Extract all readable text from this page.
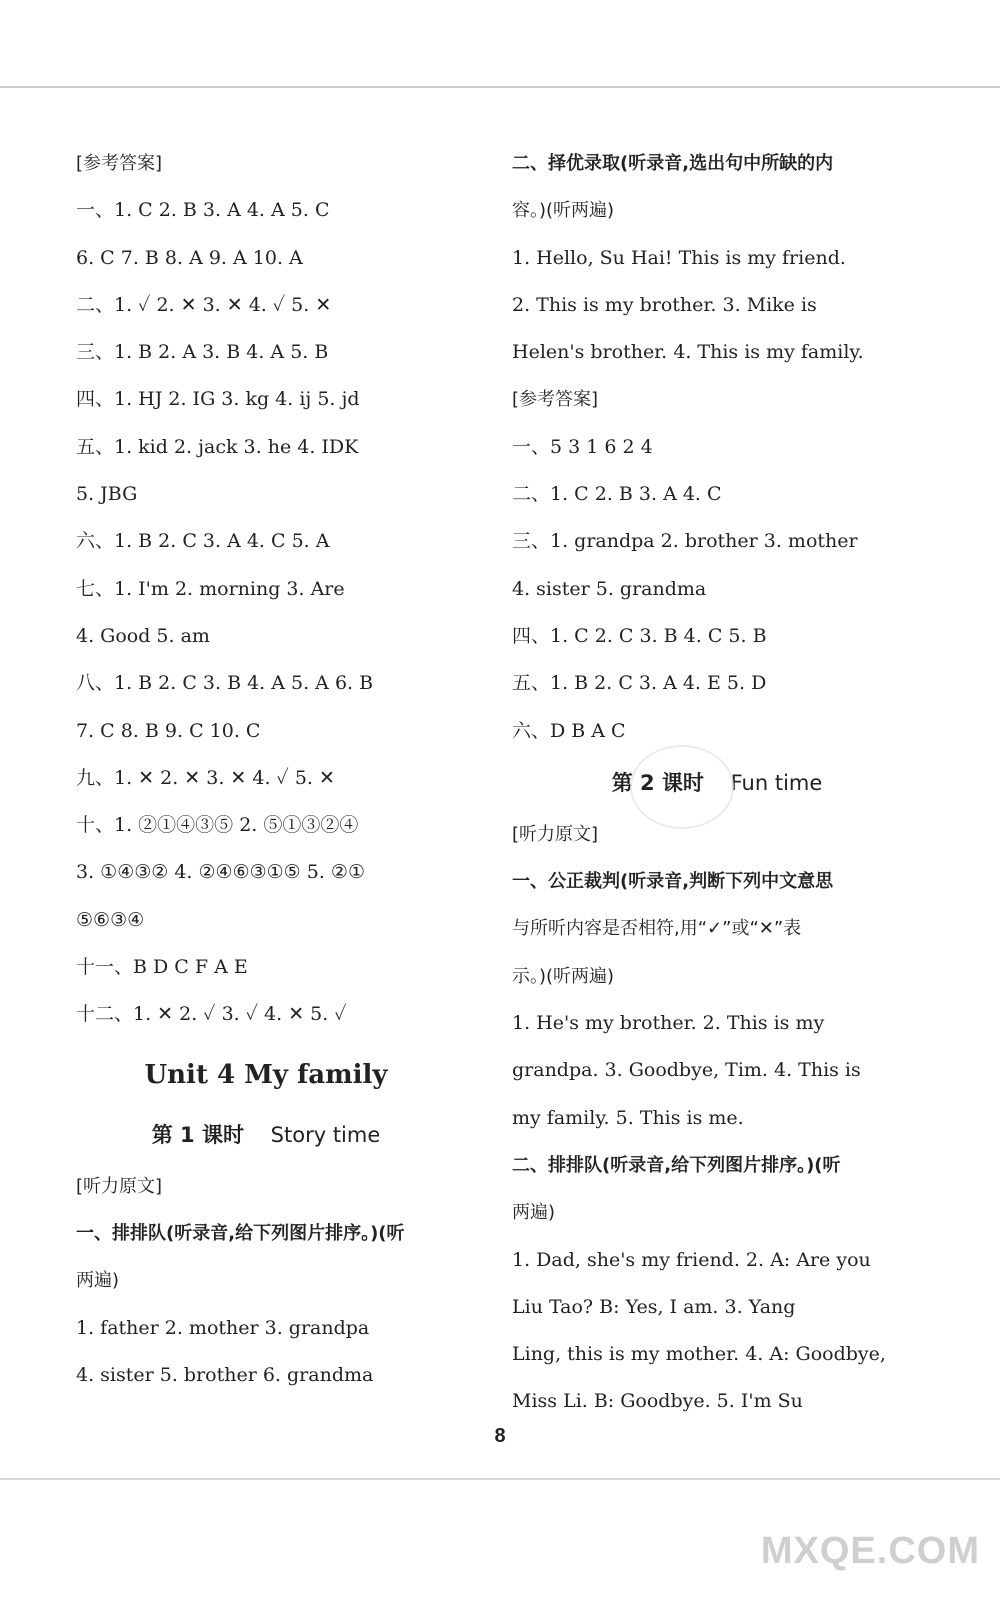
[参考答案]
一、1. C 2. B 3. A 4. A 5. C
6. C 7. B 8. A 9. A 10. A
二、1. ✓ 2. ✕ 3. ✕ 4. ✓ 5. ✕
三、1. B 2. A 3. B 4. A 5. B
四、1. HJ 2. IG 3. kg 4. ij 5. jd
五、1. kid 2. jack 3. he 4. IDK
5. JBG
六、1. B 2. C 3. A 4. C 5. A
七、1. I'm 2. morning 3. Are
4. Good 5. am
八、1. B 2. C 3. B 4. A 5. A 6. B
7. C 8. B 9. C 10. C
九、1. ✕ 2. ✕ 3. ✕ 4. ✓ 5. ✕
十、1. ②①④③⑤ 2. ⑤①③②④
3. ①④③② 4. ②④⑥③①⑤ 5. ②①
⑤⑥③④
十一、B D C F A E
十二、1. ✕ 2. ✓ 3. ✓ 4. ✕ 5. ✓
Unit 4 My family
第 1 课时 Story time
[听力原文]
一、排排队(听录音,给下列图片排序。)(听
两遍)
1. father 2. mother 3. grandpa
4. sister 5. brother 6. grandma
二、择优录取(听录音,选出句中所缺的内
容。)(听两遍)
1. Hello, Su Hai! This is my friend.
2. This is my brother. 3. Mike is
Helen's brother. 4. This is my family.
[参考答案]
一、5 3 1 6 2 4
二、1. C 2. B 3. A 4. C
三、1. grandpa 2. brother 3. mother
4. sister 5. grandma
四、1. C 2. C 3. B 4. C 5. B
五、1. B 2. C 3. A 4. E 5. D
六、D B A C
第 2 课时 Fun time
[听力原文]
一、公正裁判(听录音,判断下列中文意思
与所听内容是否相符,用“✓”或“✕”表
示。)(听两遍)
1. He's my brother. 2. This is my
grandpa. 3. Goodbye, Tim. 4. This is
my family. 5. This is me.
二、排排队(听录音,给下列图片排序。)(听
两遍)
1. Dad, she's my friend. 2. A: Are you
Liu Tao? B: Yes, I am. 3. Yang
Ling, this is my mother. 4. A: Goodbye,
Miss Li. B: Goodbye. 5. I'm Su
8
MXQE.COM
